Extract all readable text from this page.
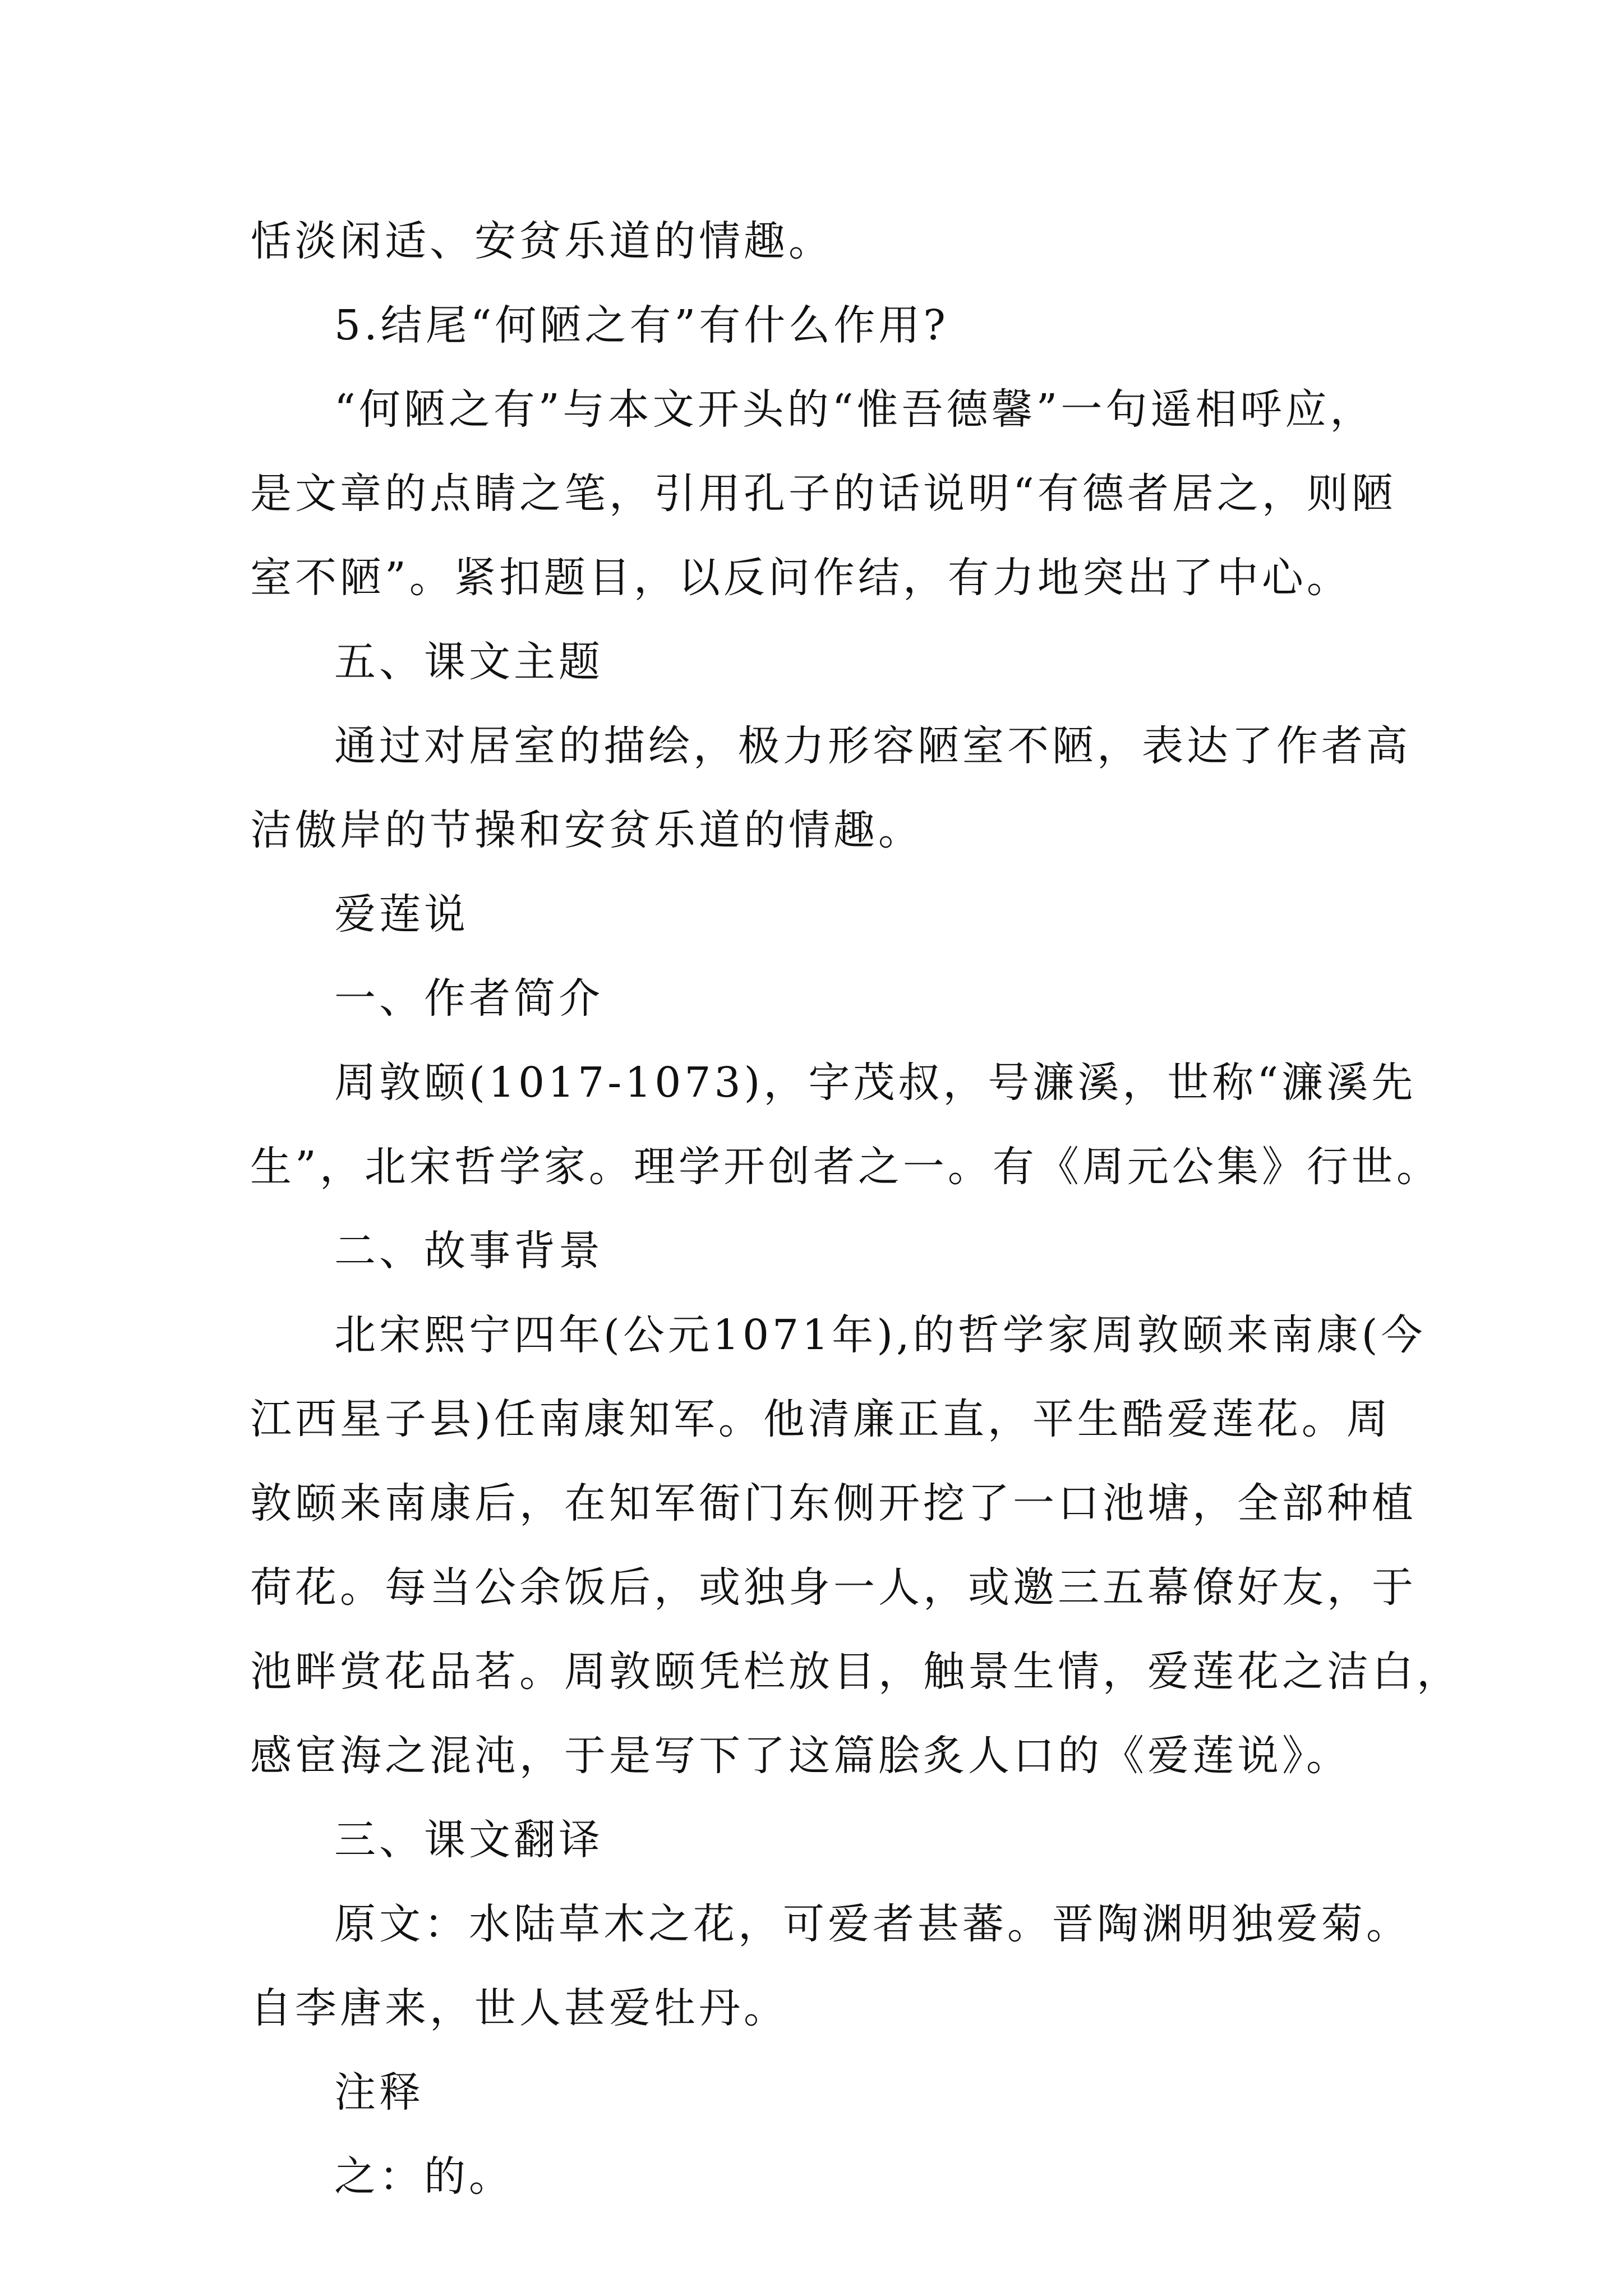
恬淡闲适、安贫乐道的情趣。
5.结尾“何陋之有”有什么作用?
“何陋之有”与本文开头的“惟吾德馨”一句遥相呼应，
是文章的点睛之笔，引用孔子的话说明“有德者居之，则陋
室不陋”。紧扣题目，以反问作结，有力地突出了中心。
五、课文主题
通过对居室的描绘，极力形容陋室不陋，表达了作者高
洁傲岸的节操和安贫乐道的情趣。
爱莲说
一、作者简介
周敦颐(1017-1073)，字茂叔，号濂溪，世称“濂溪先
生”，北宋哲学家。理学开创者之一。有《周元公集》行世。
二、故事背景
北宋熙宁四年(公元1071年),的哲学家周敦颐来南康(今
江西星子县)任南康知军。他清廉正直，平生酷爱莲花。周
敦颐来南康后，在知军衙门东侧开挖了一口池塘，全部种植
荷花。每当公余饭后，或独身一人，或邀三五幕僚好友，于
池畔赏花品茗。周敦颐凭栏放目，触景生情，爱莲花之洁白，
感宦海之混沌，于是写下了这篇脍炙人口的《爱莲说》。
三、课文翻译
原文：水陆草木之花，可爱者甚蕃。晋陶渊明独爱菊。
自李唐来，世人甚爱牡丹。
注释
之：的。
